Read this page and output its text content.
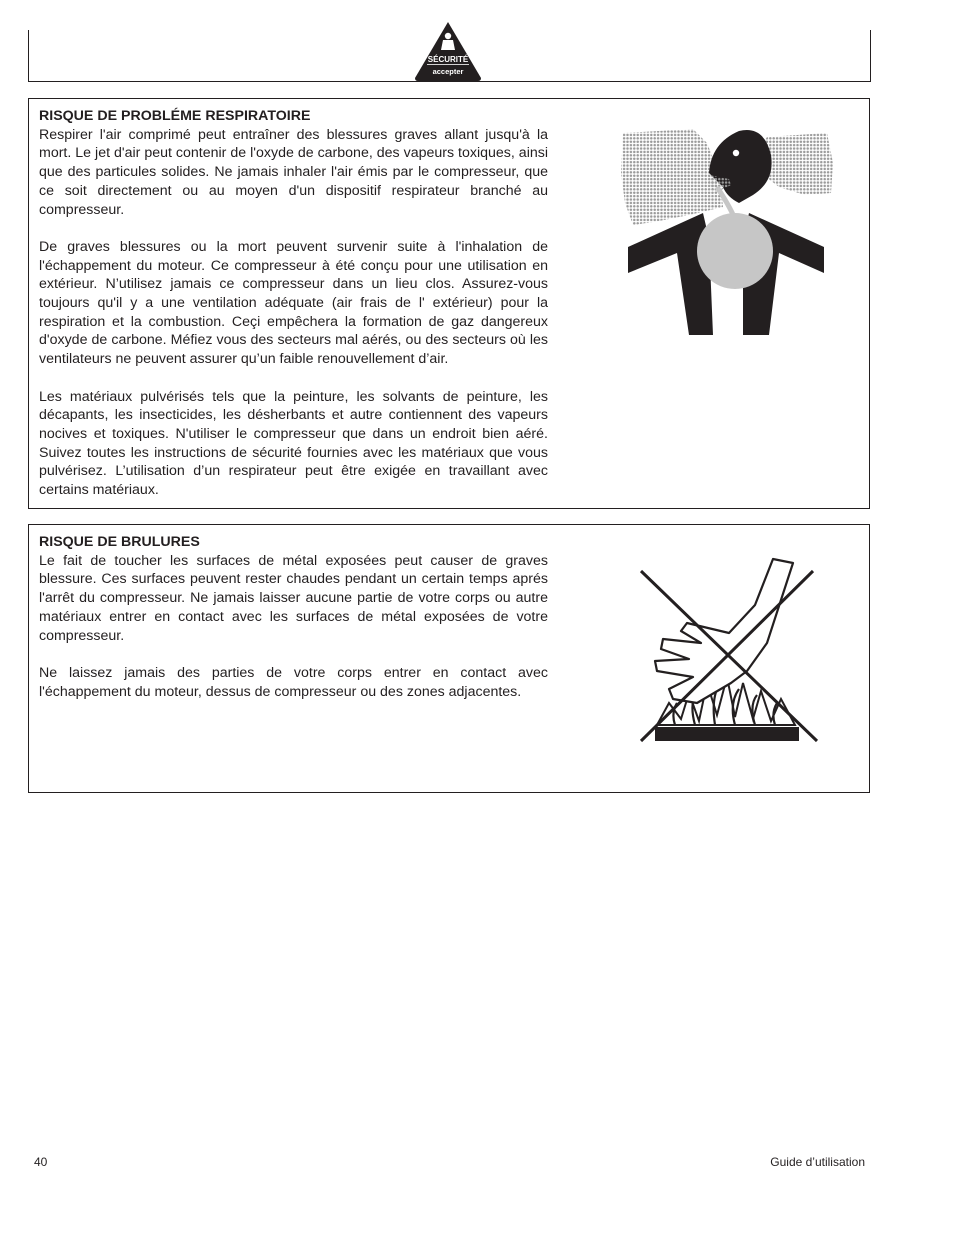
SÉCURITÉ
accepter
RISQUE DE PROBLÉME RESPIRATOIRE

Respirer l'air comprimé peut entraîner des blessures graves allant jusqu'à la mort. Le jet d'air peut contenir de l'oxyde de carbone, des vapeurs toxiques, ainsi que des particules solides. Ne jamais inhaler l'air émis par le compresseur, que ce soit directement ou au moyen d'un dispositif respirateur branché au compresseur.

De graves blessures ou la mort peuvent survenir suite à l'inhalation de l'échappement du moteur. Ce compresseur à été conçu pour une utilisation en extérieur. N’utilisez jamais ce compresseur dans un lieu clos. Assurez-vous toujours qu'il y a une ventilation adéquate (air frais de l' extérieur) pour la respiration et la combustion. Ceçi empêchera la formation de gaz dangereux d'oxyde de carbone. Méfiez vous des secteurs mal aérés, ou des secteurs où les ventilateurs ne peuvent assurer qu’un faible renouvellement d’air.

Les matériaux pulvérisés tels que la peinture, les solvants de peinture, les décapants, les insecticides, les désherbants et autre contiennent des vapeurs nocives et toxiques. N'utiliser le compresseur que dans un endroit bien aéré. Suivez toutes les instructions de sécurité fournies avec les matériaux que vous pulvérisez. L’utilisation d’un respirateur peut être exigée en travaillant avec certains matériaux.

RISQUE DE BRULURES

Le fait de toucher les surfaces de métal exposées peut causer de graves blessure. Ces surfaces peuvent rester chaudes pendant un certain temps aprés l'arrêt du compresseur. Ne jamais laisser aucune partie de votre corps ou autre matériaux entrer en contact avec les surfaces de métal exposées de votre compresseur.

Ne laissez jamais des parties de votre corps entrer en contact avec l'échappement du moteur, dessus de compresseur ou des zones adjacentes.

40	Guide d’utilisation
